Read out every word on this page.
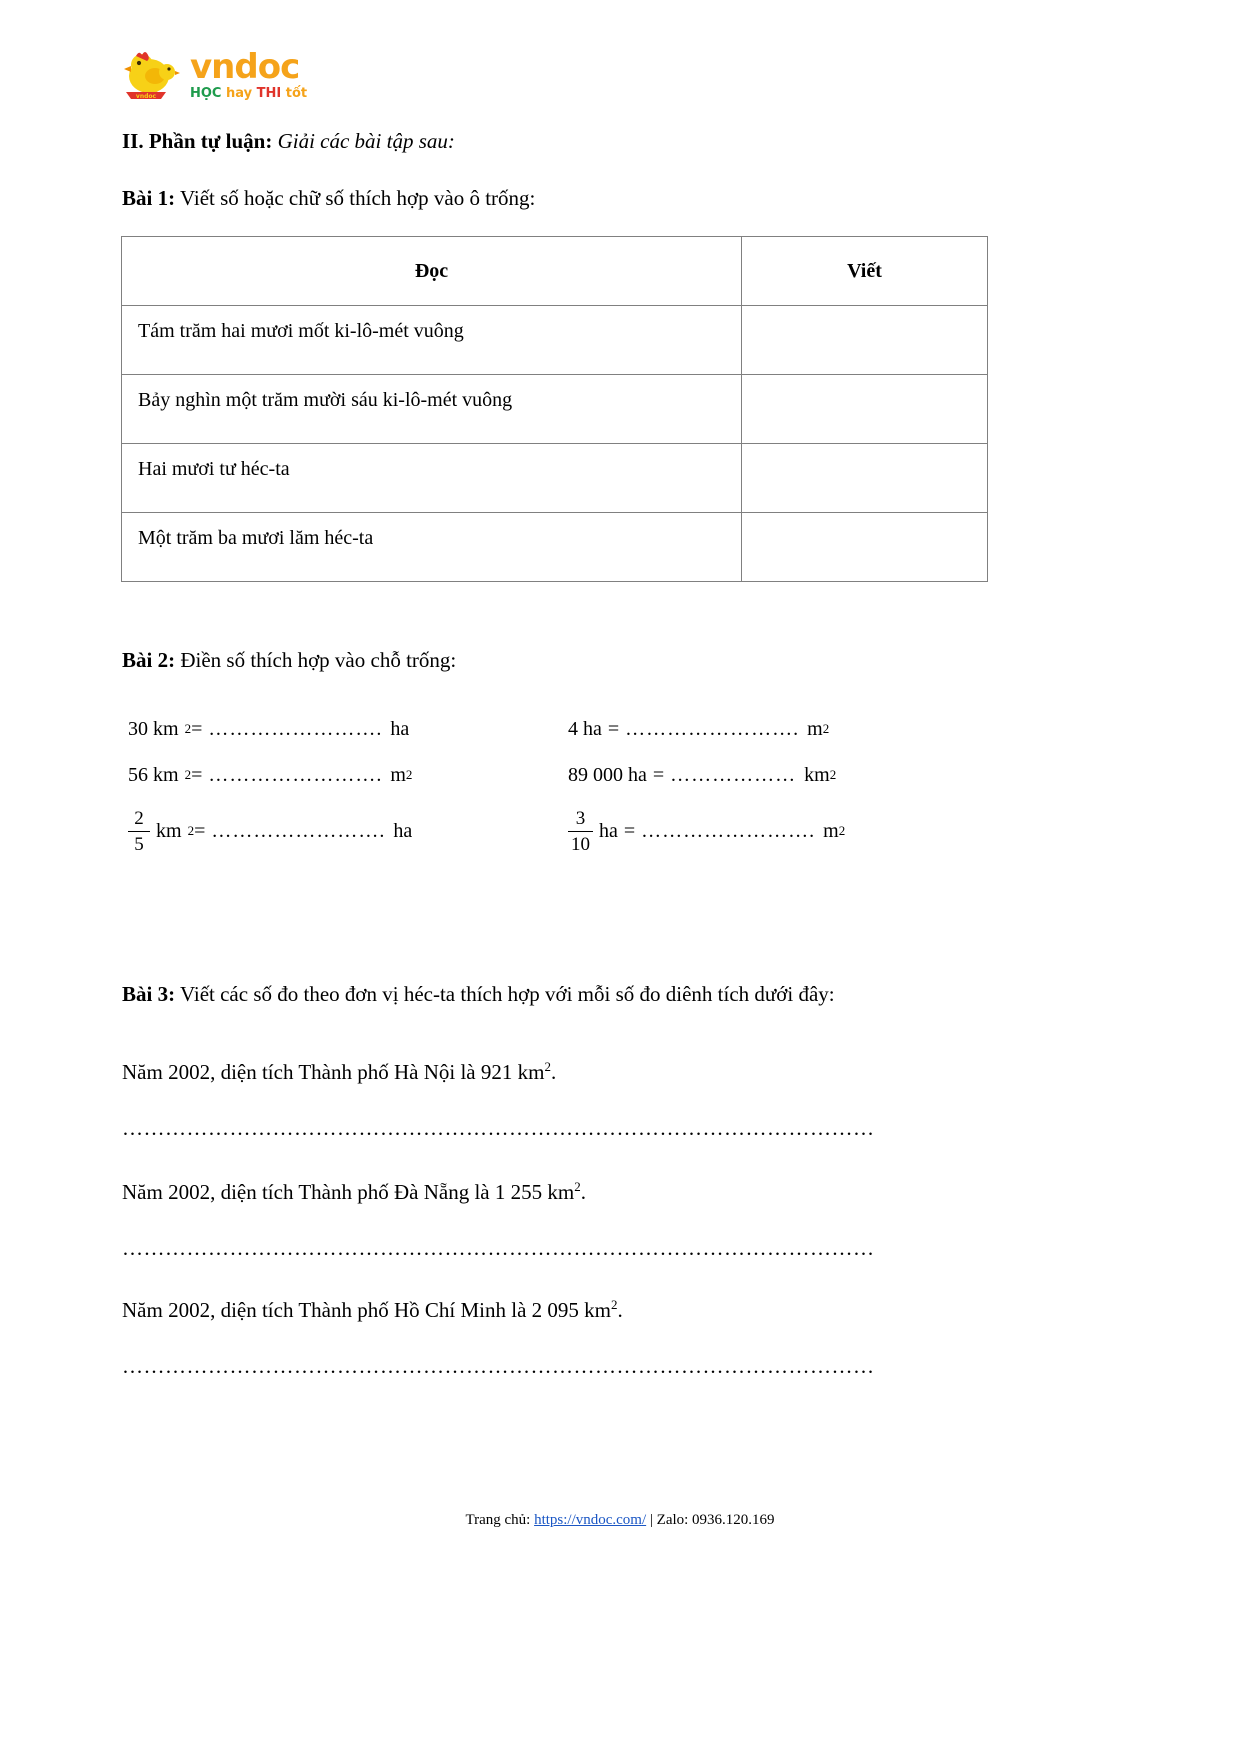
vndoc
vndoc
HỌC hay THI tốt
II. Phần tự luận: Giải các bài tập sau:
Bài 1: Viết số hoặc chữ số thích hợp vào ô trống:
Đọc	Viết
Tám trăm hai mươi mốt ki-lô-mét vuông	
Bảy nghìn một trăm mười sáu ki-lô-mét vuông	
Hai mươi tư héc-ta	
Một trăm ba mươi lăm héc-ta	
Bài 2: Điền số thích hợp vào chỗ trống:
30 km 2 = ……………………. ha	4 ha = ……………………. m 2
56 km 2 = ……………………. m 2	89 000 ha = ……………… km 2
$\frac{2}{5}$ km 2 = ……………………. ha	$\frac{3}{10}$ ha = ……………………. m 2
Bài 3: Viết các số đo theo đơn vị héc-ta thích hợp với mỗi số đo diênh tích dưới đây:
Năm 2002, diện tích Thành phố Hà Nội là 921 $km^2$.
……………………………………………………………………………………………
Năm 2002, diện tích Thành phố Đà Nẵng là 1 255 $km^2$.
……………………………………………………………………………………………
Năm 2002, diện tích Thành phố Hồ Chí Minh là 2 095 $km^2$.
……………………………………………………………………………………………
Trang chủ: https://vndoc.com/ | Zalo: 0936.120.169
